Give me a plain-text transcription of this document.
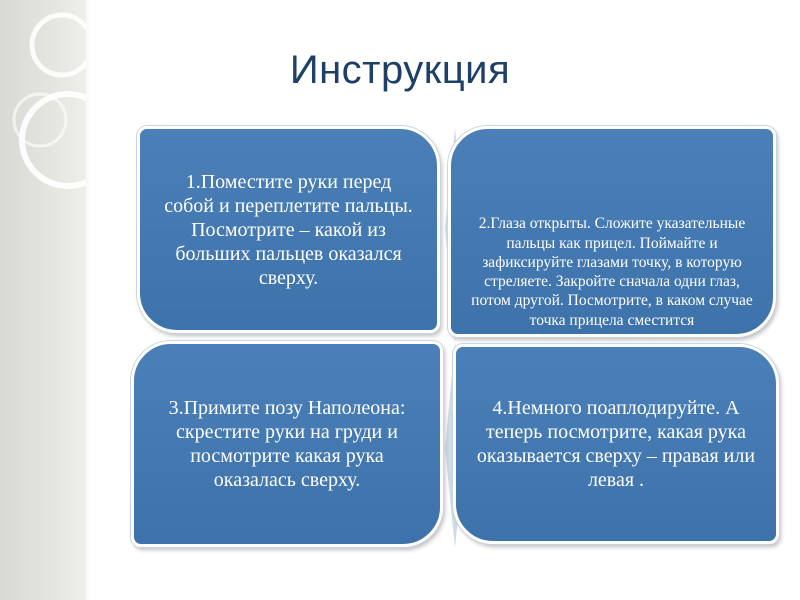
Инструкция
1.Поместите руки перед собой и переплетите пальцы. Посмотрите – какой из больших пальцев оказался сверху.
2.Глаза открыты. Сложите указательные пальцы как прицел. Поймайте и зафиксируйте глазами точку, в которую стреляете. Закройте сначала одни глаз, потом другой. Посмотрите, в каком случае точка прицела сместится
3.Примите позу Наполеона: скрестите руки на груди и посмотрите какая рука оказалась сверху.
4.Немного поаплодируйте. А теперь посмотрите, какая рука оказывается сверху – правая или левая .
